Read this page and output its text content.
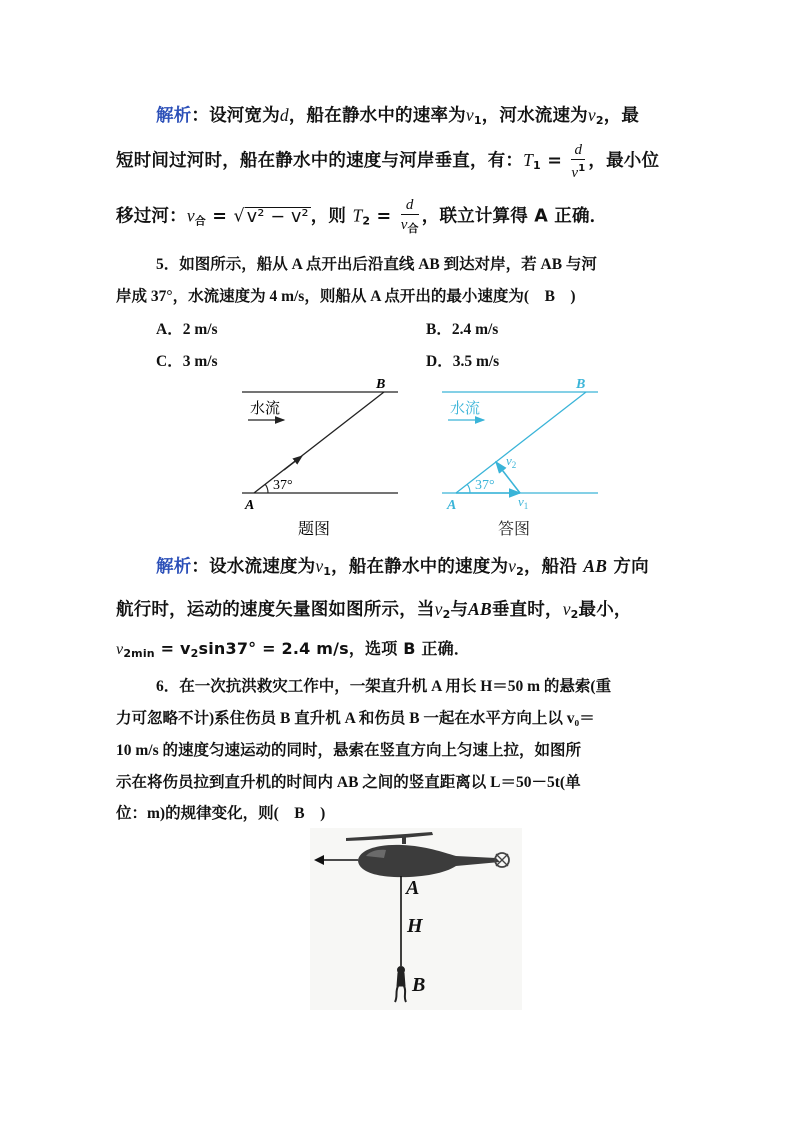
解析：设河宽为d，船在静水中的速率为$v_1$，河水流速为$v_2$，最
短时间过河时，船在静水中的速度与河岸垂直，有：$T_1 = \frac{d}{v^1}$ ，最小位
移过河：$v_合$ = √ v² − v² ，则 $T_2 = \frac{d}{v_合}$ ，联立计算得 A 正确．
5．如图所示，船从 A 点开出后沿直线 AB 到达对岸，若 AB 与河
岸成 37°，水流速度为 4 m/s，则船从 A 点开出的最小速度为(　B　)
A．2 m/s	B．2.4 m/s
C．3 m/s	D．3.5 m/s
水流
37°
A
B
题图
水流
37°
A
B
$v_2$
$v_1$
答图
解析：设水流速度为$v_1$，船在静水中的速度为$v_2$，船沿 AB 方向
航行时，运动的速度矢量图如图所示，当$v_2$与AB垂直时，$v_2$最小，
$v_{2min} = v_2\sin 37^\circ = 2.4$ m/s，选项 B 正确．
6．在一次抗洪救灾工作中，一架直升机 A 用长 H＝50 m 的悬索(重
力可忽略不计)系住伤员 B 直升机 A 和伤员 B 一起在水平方向上以 v₀＝
10 m/s 的速度匀速运动的同时，悬索在竖直方向上匀速上拉，如图所
示在将伤员拉到直升机的时间内 AB 之间的竖直距离以 L＝50－5t(单
位：m)的规律变化，则(　B　)
A
H
B
